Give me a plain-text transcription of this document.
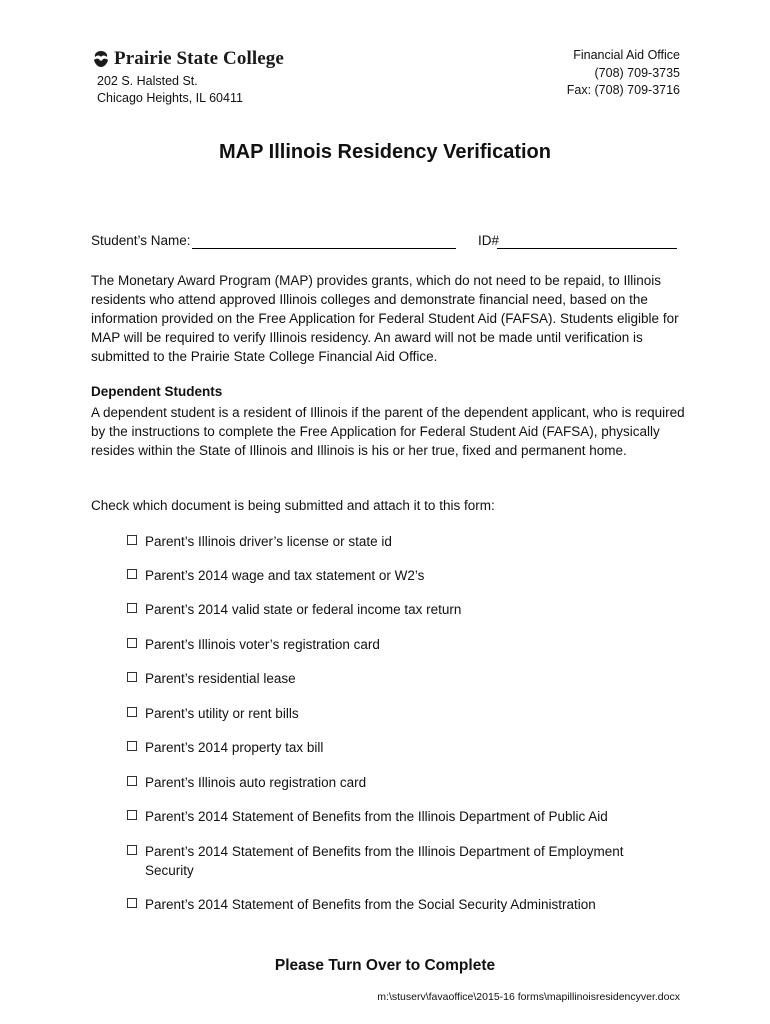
Prairie State College
202 S. Halsted St.
Chicago Heights, IL 60411
Financial Aid Office
(708) 709-3735
Fax: (708) 709-3716
MAP Illinois Residency Verification
Student’s Name:	ID#
The Monetary Award Program (MAP) provides grants, which do not need to be repaid, to Illinois residents who attend approved Illinois colleges and demonstrate financial need, based on the information provided on the Free Application for Federal Student Aid (FAFSA). Students eligible for MAP will be required to verify Illinois residency. An award will not be made until verification is submitted to the Prairie State College Financial Aid Office.
Dependent Students
A dependent student is a resident of Illinois if the parent of the dependent applicant, who is required by the instructions to complete the Free Application for Federal Student Aid (FAFSA), physically resides within the State of Illinois and Illinois is his or her true, fixed and permanent home.
Check which document is being submitted and attach it to this form:
Parent’s Illinois driver’s license or state id
Parent’s 2014 wage and tax statement or W2’s
Parent’s 2014 valid state or federal income tax return
Parent’s Illinois voter’s registration card
Parent’s residential lease
Parent’s utility or rent bills
Parent’s 2014 property tax bill
Parent’s Illinois auto registration card
Parent’s 2014 Statement of Benefits from the Illinois Department of Public Aid
Parent’s 2014 Statement of Benefits from the Illinois Department of Employment Security
Parent’s 2014 Statement of Benefits from the Social Security Administration
Please Turn Over to Complete
m:\stuserv\favaoffice\2015-16 forms\mapillinoisresidencyver.docx
